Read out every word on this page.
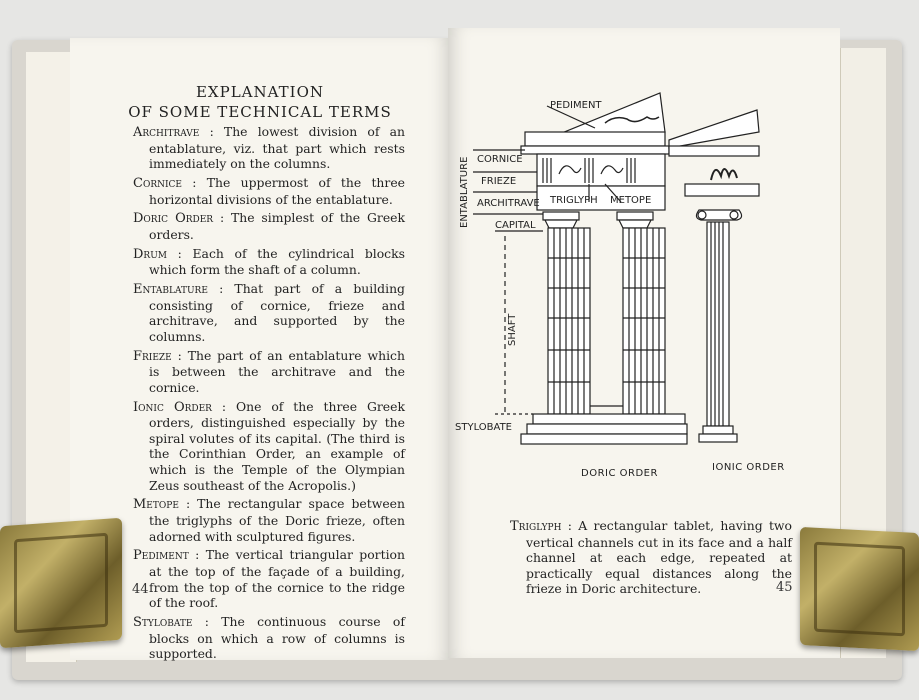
EXPLANATION
OF SOME TECHNICAL TERMS

Architrave : The lowest division of an entablature, viz. that part which rests immediately on the columns.

Cornice : The uppermost of the three horizontal divisions of the entablature.

Doric Order : The simplest of the Greek orders.

Drum : Each of the cylindrical blocks which form the shaft of a column.

Entablature : That part of a building consisting of cornice, frieze and architrave, and supported by the columns.

Frieze : The part of an entablature which is between the architrave and the cornice.

Ionic Order : One of the three Greek orders, distinguished especially by the spiral volutes of its capital. (The third is the Corinthian Order, an example of which is the Temple of the Olympian Zeus southeast of the Acropolis.)

Metope : The rectangular space between the triglyphs of the Doric frieze, often adorned with sculptured figures.

Pediment : The vertical triangular portion at the top of the façade of a building, from the top of the cornice to the ridge of the roof.

Stylobate : The continuous course of blocks on which a row of columns is supported.

44
PEDIMENT
CORNICE
FRIEZE
ARCHITRAVE TRIGLYPH METOPE
CAPITAL
SHAFT
STYLOBATE
ENTABLATURE
DORIC ORDER
IONIC ORDER

Triglyph : A rectangular tablet, having two vertical channels cut in its face and a half channel at each edge, repeated at practically equal distances along the frieze in Doric architecture.	45
